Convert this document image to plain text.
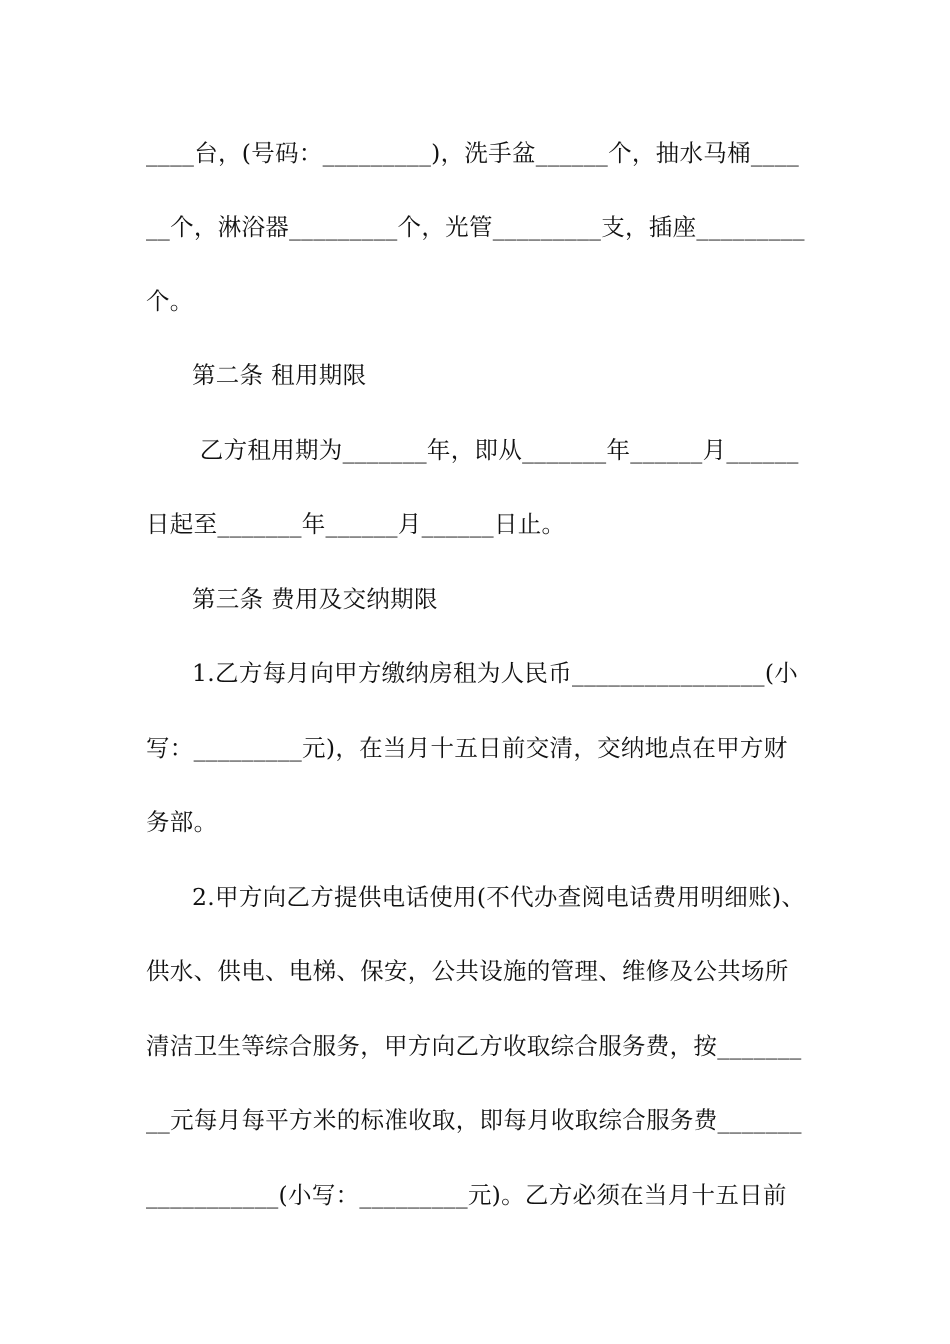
____台，(号码：_________)，洗手盆______个，抽水马桶____
__个，淋浴器_________个，光管_________支，插座_________
个。
第二条 租用期限
乙方租用期为_______年，即从_______年______月______
日起至_______年______月______日止。
第三条 费用及交纳期限
1.乙方每月向甲方缴纳房租为人民币________________(小
写：_________元)，在当月十五日前交清，交纳地点在甲方财
务部。
2.甲方向乙方提供电话使用(不代办查阅电话费用明细账)、
供水、供电、电梯、保安，公共设施的管理、维修及公共场所
清洁卫生等综合服务，甲方向乙方收取综合服务费，按_______
__元每月每平方米的标准收取，即每月收取综合服务费_______
___________(小写：_________元)。乙方必须在当月十五日前
